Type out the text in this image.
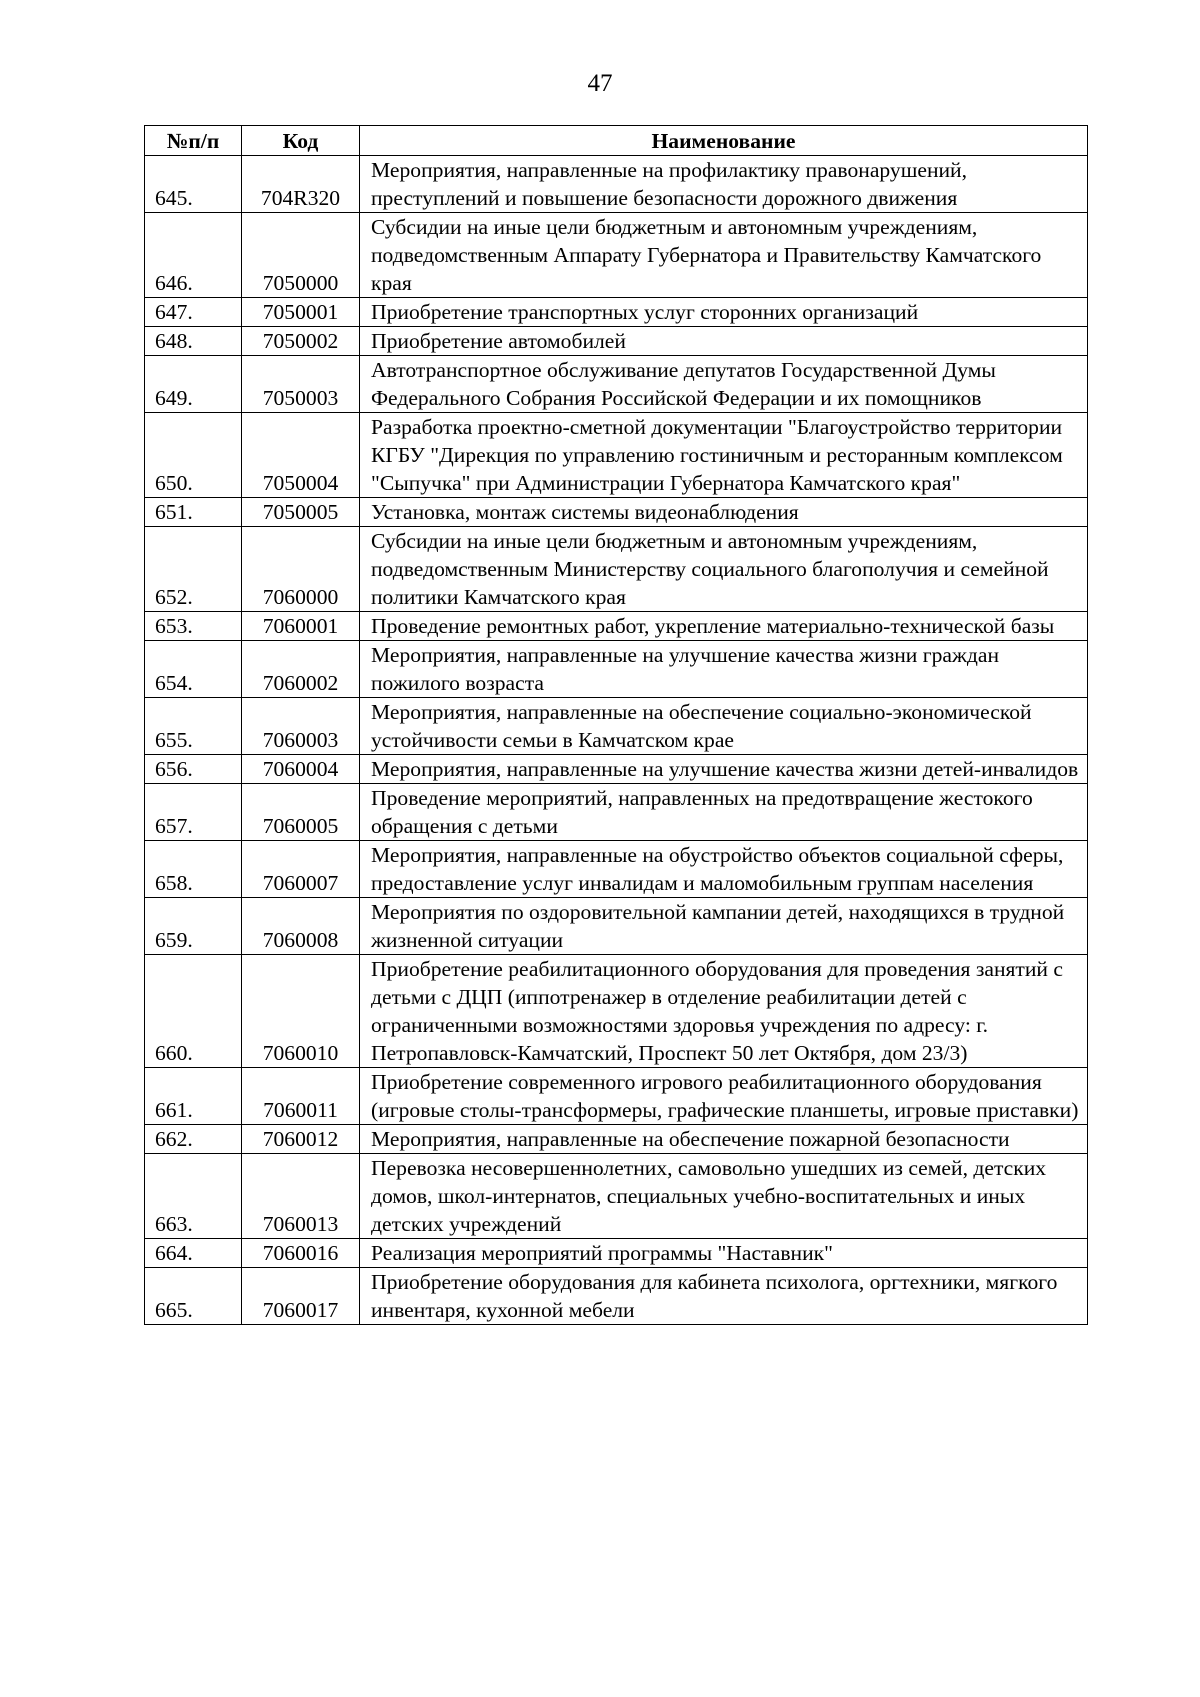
47
№п/п	Код	Наименование
645.	704R320	Мероприятия, направленные на профилактику правонарушений, преступлений и повышение безопасности дорожного движения
646.	7050000	Субсидии на иные цели бюджетным и автономным учреждениям, подведомственным Аппарату Губернатора и Правительству Камчатского края
647.	7050001	Приобретение транспортных услуг сторонних организаций
648.	7050002	Приобретение автомобилей
649.	7050003	Автотранспортное обслуживание депутатов Государственной Думы Федерального Собрания Российской Федерации и их помощников
650.	7050004	Разработка проектно-сметной документации "Благоустройство территории КГБУ "Дирекция по управлению гостиничным и ресторанным комплексом "Сыпучка" при Администрации Губернатора Камчатского края"
651.	7050005	Установка, монтаж системы видеонаблюдения
652.	7060000	Субсидии на иные цели бюджетным и автономным учреждениям, подведомственным Министерству социального благополучия и семейной политики Камчатского края
653.	7060001	Проведение ремонтных работ, укрепление материально-технической базы
654.	7060002	Мероприятия, направленные на улучшение качества жизни граждан пожилого возраста
655.	7060003	Мероприятия, направленные на обеспечение социально-экономической устойчивости семьи в Камчатском крае
656.	7060004	Мероприятия, направленные на улучшение качества жизни детей-инвалидов
657.	7060005	Проведение мероприятий, направленных на предотвращение жестокого обращения с детьми
658.	7060007	Мероприятия, направленные на обустройство объектов социальной сферы, предоставление услуг инвалидам и маломобильным группам населения
659.	7060008	Мероприятия по оздоровительной кампании детей, находящихся в трудной жизненной ситуации
660.	7060010	Приобретение реабилитационного оборудования для проведения занятий с детьми с ДЦП (иппотренажер в отделение реабилитации детей с ограниченными возможностями здоровья учреждения по адресу: г. Петропавловск-Камчатский, Проспект 50 лет Октября, дом 23/3)
661.	7060011	Приобретение современного игрового реабилитационного оборудования (игровые столы-трансформеры, графические планшеты, игровые приставки)
662.	7060012	Мероприятия, направленные на обеспечение пожарной безопасности
663.	7060013	Перевозка несовершеннолетних, самовольно ушедших из семей, детских домов, школ-интернатов, специальных учебно-воспитательных и иных детских учреждений
664.	7060016	Реализация мероприятий программы "Наставник"
665.	7060017	Приобретение оборудования для кабинета психолога, оргтехники, мягкого инвентаря, кухонной мебели
